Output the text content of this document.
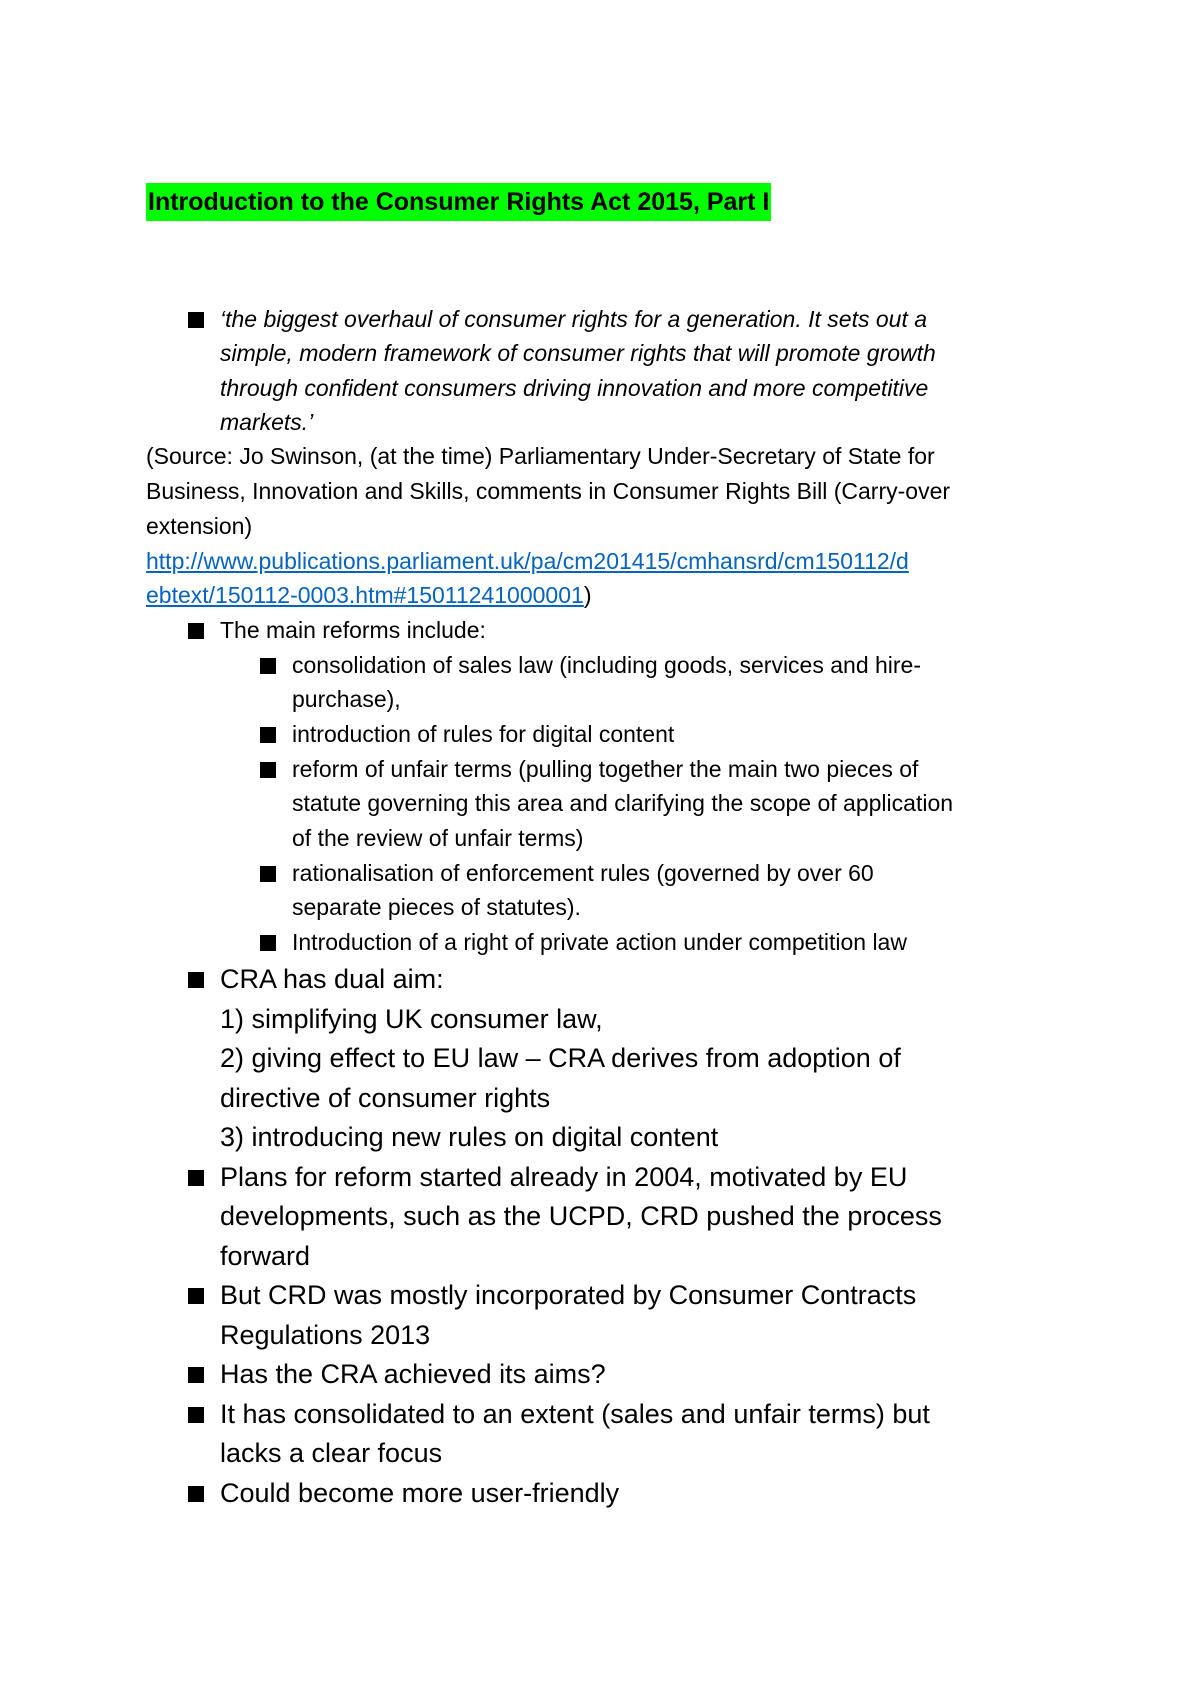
Introduction to the Consumer Rights Act 2015, Part I
‘the biggest overhaul of consumer rights for a generation. It sets out a
simple, modern framework of consumer rights that will promote growth
through confident consumers driving innovation and more competitive
markets.’
(Source: Jo Swinson, (at the time) Parliamentary Under-Secretary of State for
Business, Innovation and Skills, comments in Consumer Rights Bill (Carry-over
extension)
http://www.publications.parliament.uk/pa/cm201415/cmhansrd/cm150112/d
ebtext/150112-0003.htm#15011241000001)
The main reforms include:
consolidation of sales law (including goods, services and hire-
purchase),
introduction of rules for digital content
reform of unfair terms (pulling together the main two pieces of
statute governing this area and clarifying the scope of application
of the review of unfair terms)
rationalisation of enforcement rules (governed by over 60
separate pieces of statutes).
Introduction of a right of private action under competition law
CRA has dual aim:
1) simplifying UK consumer law,
2) giving effect to EU law – CRA derives from adoption of
directive of consumer rights
3) introducing new rules on digital content
Plans for reform started already in 2004, motivated by EU
developments, such as the UCPD, CRD pushed the process
forward
But CRD was mostly incorporated by Consumer Contracts
Regulations 2013
Has the CRA achieved its aims?
It has consolidated to an extent (sales and unfair terms) but
lacks a clear focus
Could become more user-friendly
